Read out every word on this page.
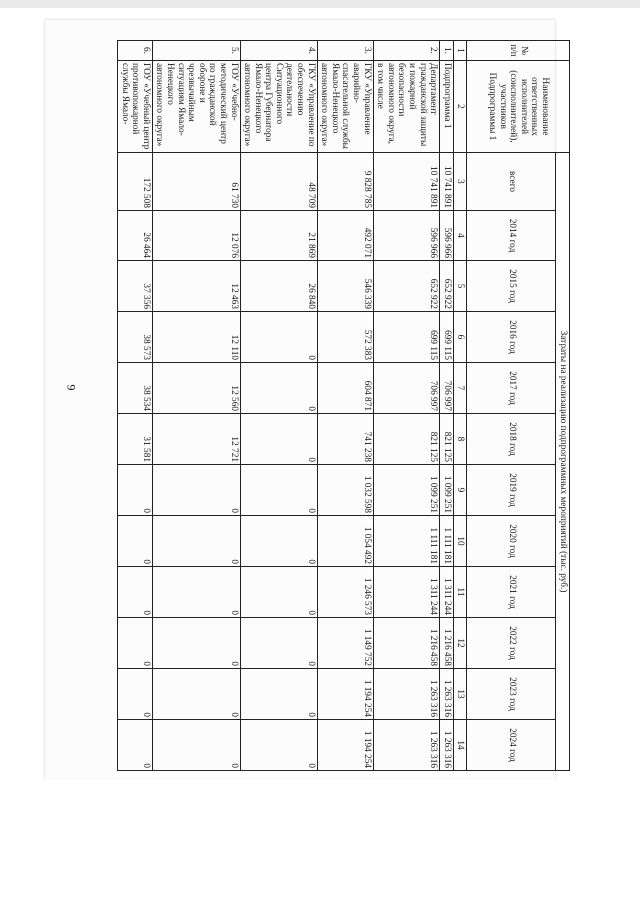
9
№ п/п	Наименование ответственных исполнителей (соисполнителей), участников Подпрограммы 1	Затраты на реализацию подпрограммных мероприятий (тыс. руб.)											
		всего	2014 год	2015 год	2016 год	2017 год	2018 год	2019 год	2020 год	2021 год	2022 год	2023 год	2024 год
1	2	3	4	5	6	7	8	9	10	11	12	13	14
1.	Подпрограмма 1	10 741 891	596 966	652 922	699 115	706 997	821 125	1 099 251	1 111 181	1 311 244	1 216 458	1 263 316	1 263 316
2.	Департамент гражданской защиты и пожарной безопасности автономного округа, в том числе	10 741 891	596 966	652 922	699 115	706 997	821 125	1 099 251	1 111 181	1 311 244	1 216 458	1 263 316	1 263 316
3.	ГКУ «Управление аварийно-спасательной службы Ямало-Ненецкого автономного округа»	9 828 785	492 071	546 339	572 383	604 871	741 238	1 032 598	1 054 492	1 246 573	1 149 752	1 194 254	1 194 254
4.	ГКУ «Управление по обеспечению деятельности Ситуационного центра Губернатора Ямало-Ненецкого автономного округа»	48 709	21 869	26 840	0	0	0	0	0	0	0	0	0
5.	ГОУ «Учебно-методический центр по гражданской обороне и чрезвычайным ситуациям Ямало-Ненецкого автономного округа»	61 730	12 076	12 463	12 110	12 560	12 721	0	0	0	0	0	0
6.	ГОУ «Учебный центр противопожарной службы Ямало-	172 508	26 464	37 356	38 573	38 534	31 581	0	0	0	0	0	0
